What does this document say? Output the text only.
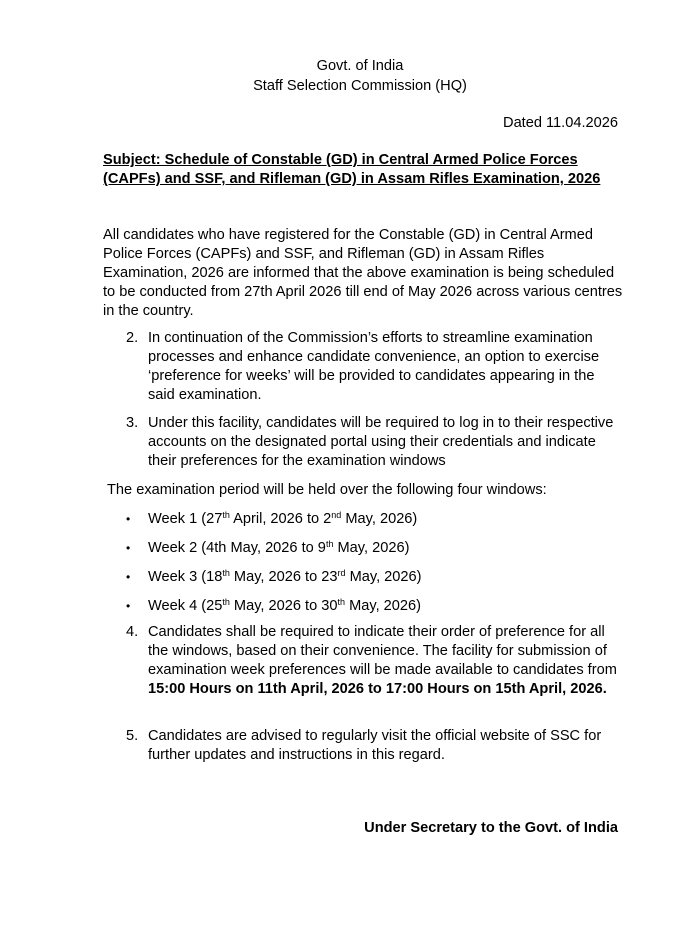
Govt. of India
Staff Selection Commission (HQ)
Dated 11.04.2026
Subject: Schedule of Constable (GD) in Central Armed Police Forces
(CAPFs) and SSF, and Rifleman (GD) in Assam Rifles Examination, 2026
All candidates who have registered for the Constable (GD) in Central Armed Police Forces (CAPFs) and SSF, and Rifleman (GD) in Assam Rifles Examination, 2026 are informed that the above examination is being scheduled to be conducted from 27th April 2026 till end of May 2026 across various centres in the country.
2. In continuation of the Commission’s efforts to streamline examination processes and enhance candidate convenience, an option to exercise ‘preference for weeks’ will be provided to candidates appearing in the said examination.
3. Under this facility, candidates will be required to log in to their respective accounts on the designated portal using their credentials and indicate their preferences for the examination windows
The examination period will be held over the following four windows:
• Week 1 (27th April, 2026 to 2nd May, 2026)
• Week 2 (4th May, 2026 to 9th May, 2026)
• Week 3 (18th May, 2026 to 23rd May, 2026)
• Week 4 (25th May, 2026 to 30th May, 2026)
4. Candidates shall be required to indicate their order of preference for all the windows, based on their convenience. The facility for submission of examination week preferences will be made available to candidates from 15:00 Hours on 11th April, 2026 to 17:00 Hours on 15th April, 2026.
5. Candidates are advised to regularly visit the official website of SSC for further updates and instructions in this regard.
Under Secretary to the Govt. of India
